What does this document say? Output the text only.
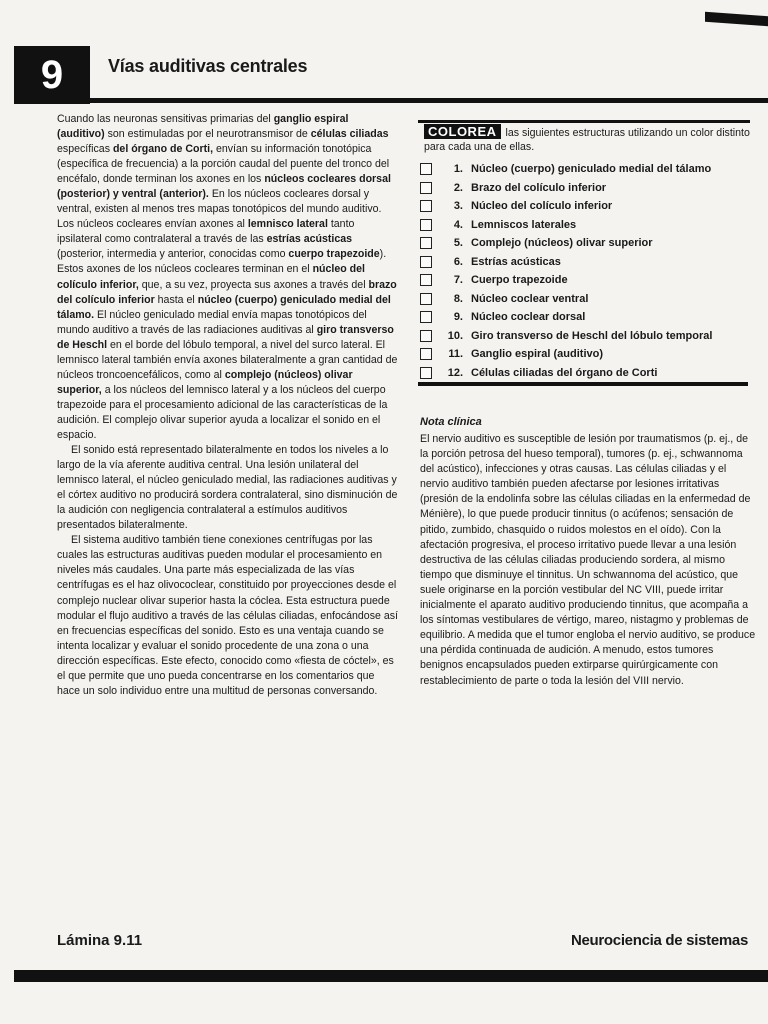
9	Vías auditivas centrales

Cuando las neuronas sensitivas primarias del ganglio espiral (auditivo) son estimuladas por el neurotransmisor de células ciliadas específicas del órgano de Corti, envían su información tonotópica (específica de frecuencia) a la porción caudal del puente del tronco del encéfalo, donde terminan los axones en los núcleos cocleares dorsal (posterior) y ventral (anterior). En los núcleos cocleares dorsal y ventral, existen al menos tres mapas tonotópicos del mundo auditivo. Los núcleos cocleares envían axones al lemnisco lateral tanto ipsilateral como contralateral a través de las estrías acústicas (posterior, intermedia y anterior, conocidas como cuerpo trapezoide). Estos axones de los núcleos cocleares terminan en el núcleo del colículo inferior, que, a su vez, proyecta sus axones a través del brazo del colículo inferior hasta el núcleo (cuerpo) geniculado medial del tálamo. El núcleo geniculado medial envía mapas tonotópicos del mundo auditivo a través de las radiaciones auditivas al giro transverso de Heschl en el borde del lóbulo temporal, a nivel del surco lateral. El lemnisco lateral también envía axones bilateralmente a gran cantidad de núcleos troncoencefálicos, como al complejo (núcleos) olivar superior, a los núcleos del lemnisco lateral y a los núcleos del cuerpo trapezoide para el procesamiento adicional de las características de la audición. El complejo olivar superior ayuda a localizar el sonido en el espacio.

El sonido está representado bilateralmente en todos los niveles a lo largo de la vía aferente auditiva central. Una lesión unilateral del lemnisco lateral, el núcleo geniculado medial, las radiaciones auditivas y el córtex auditivo no producirá sordera contralateral, sino disminución de la audición con negligencia contralateral a estímulos auditivos presentados bilateralmente.

El sistema auditivo también tiene conexiones centrífugas por las cuales las estructuras auditivas pueden modular el procesamiento en niveles más caudales. Una parte más especializada de las vías centrífugas es el haz olivococlear, constituido por proyecciones desde el complejo nuclear olivar superior hasta la cóclea. Esta estructura puede modular el flujo auditivo a través de las células ciliadas, enfocándose así en frecuencias específicas del sonido. Esto es una ventaja cuando se intenta localizar y evaluar el sonido procedente de una zona o una dirección específicas. Este efecto, conocido como «fiesta de cóctel», es el que permite que uno pueda concentrarse en los comentarios que hace un solo individuo entre una multitud de personas conversando.

COLOREA las siguientes estructuras utilizando un color distinto para cada una de ellas.
1. Núcleo (cuerpo) geniculado medial del tálamo
2. Brazo del colículo inferior
3. Núcleo del colículo inferior
4. Lemniscos laterales
5. Complejo (núcleos) olivar superior
6. Estrías acústicas
7. Cuerpo trapezoide
8. Núcleo coclear ventral
9. Núcleo coclear dorsal
10. Giro transverso de Heschl del lóbulo temporal
11. Ganglio espiral (auditivo)
12. Células ciliadas del órgano de Corti
Nota clínica

El nervio auditivo es susceptible de lesión por traumatismos (p. ej., de la porción petrosa del hueso temporal), tumores (p. ej., schwannoma del acústico), infecciones y otras causas. Las células ciliadas y el nervio auditivo también pueden afectarse por lesiones irritativas (presión de la endolinfa sobre las células ciliadas en la enfermedad de Ménière), lo que puede producir tinnitus (o acúfenos; sensación de pitido, zumbido, chasquido o ruidos molestos en el oído). Con la afectación progresiva, el proceso irritativo puede llevar a una lesión destructiva de las células ciliadas produciendo sordera, al mismo tiempo que disminuye el tinnitus. Un schwannoma del acústico, que suele originarse en la porción vestibular del NC VIII, puede irritar inicialmente el aparato auditivo produciendo tinnitus, que acompaña a los síntomas vestibulares de vértigo, mareo, nistagmo y problemas de equilibrio. A medida que el tumor engloba el nervio auditivo, se produce una pérdida continuada de audición. A menudo, estos tumores benignos encapsulados pueden extirparse quirúrgicamente con restablecimiento de parte o toda la lesión del VIII nervio.

Lámina 9.11	Neurociencia de sistemas
